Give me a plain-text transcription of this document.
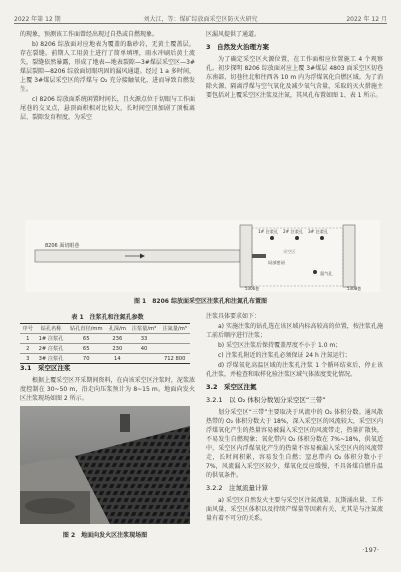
2022 年第 12 期	刘大江，等：煤矿综放面采空区防灭火研究	2022 年 12 月

的现象，预测该工作面曾经出现过自热或自燃现象。

b) 8206 综放面对应地表为覆盖的黏砂岩，无黄土覆盖层，存在裂缝。前期人工用黄土进行了简单填埋，雨水冲刷后黄土流失，裂缝依然暴露，形成了地表—地表裂隙—3#煤层采空区—3#煤层裂隙—8206 综放面切眼巩固的漏风通道。经过 1 a 多时间，上覆 3#煤层采空区的浮煤与 O₂ 充分接触氧化，进而导致自燃发生。

c) 8206 综放面系统闲置时间长，且火源点位于切眼与工作面尾巷的交叉点，悬顶面积相对比较大，长时间空顶加剧了顶板离层、裂隙发育程度，为采空

区漏风提供了通道。

3　自然发火治理方案

为了确定采空区火源位置，在工作面相应位置施工 4 个观察孔。初步探明 8206 综放面对应上覆 3#煤层 4803 面采空区切巷东南部、切巷往北和往西各 10 m 内为浮煤氧化自燃区域。为了消除火源、隔离浮煤与空气氧化及减少氧气含量，采取的灭火措施主要包括对上覆采空区注浆及注氮，其风孔布置如图 1、表 1 所示。

8206 面切眼巷
1# 注浆孔 2# 注浆孔 3# 注浆孔
氮气孔
局部密闭
采空区
5306巷	5308巷
图 1　8206 综放面采空区注浆孔和注氮孔布置图
表 1　注浆孔和注氮孔参数
序号	钻孔名称	钻孔直径/mm	孔深/m	注浆量/m³	注氮量/m³
1	1# 注浆孔	65	236	33	
2	2# 注浆孔	65	230	40	
3	3# 注浆孔	70	14		712 800
3.1　采空区注浆

根据上覆采空区开采期间资料，在向该采空区注浆时，泥浆浓度控制在 30~50 m，沿走向压浆预计为 8~15 m。地面向发火区注浆现场如图 2 所示。

图 2　地面向发火区注浆现场图

注浆具体要求如下：

a) 实施注浆的钻孔选在该区域内标高较高的位置，按注浆孔施工前后顺序进行注浆；

b) 采空区注浆后保持覆盖厚度不小于 1.0 m；

c) 注浆孔附近的注浆孔必须保证 24 h 注氮运行；

d) 浮煤氧化高温区域的注浆孔注浆 1 个循环结束后，停止该孔注浆，并检查和取样化验注浆区域气体浓度变化情况。

3.2　采空区注氮
3.2.1　以 O₂ 体积分数划分采空区“三带”

划分采空区“三带”主要取决于风流中的 O₂ 体积分数。通风散热带的 O₂ 体积分数大于 18%，深入采空区的风流较大，采空区内浮煤氧化产生的热量容易被漏入采空区的风流带走，热量扩散快，不易发生自燃现象；氧化带内 O₂ 体积分数在 7%~18%，供氧适中，采空区内浮煤氧化产生的热量不容易被漏入采空区内的风流带走，长时间积累，容易发生自燃；窒息带内 O₂ 体积分数小于 7%，风流漏入采空区较少，煤氧化反应缓慢，不具备煤自燃升温的供氧条件。

3.2.2　注氮流量计算

a) 采空区自然发火主要与采空区注氮流量、瓦斯涌出量、工作面风量、采空区体积以及持续产煤量等因素有关，尤其是与注氮流量有着不可分的关系。

·197·
